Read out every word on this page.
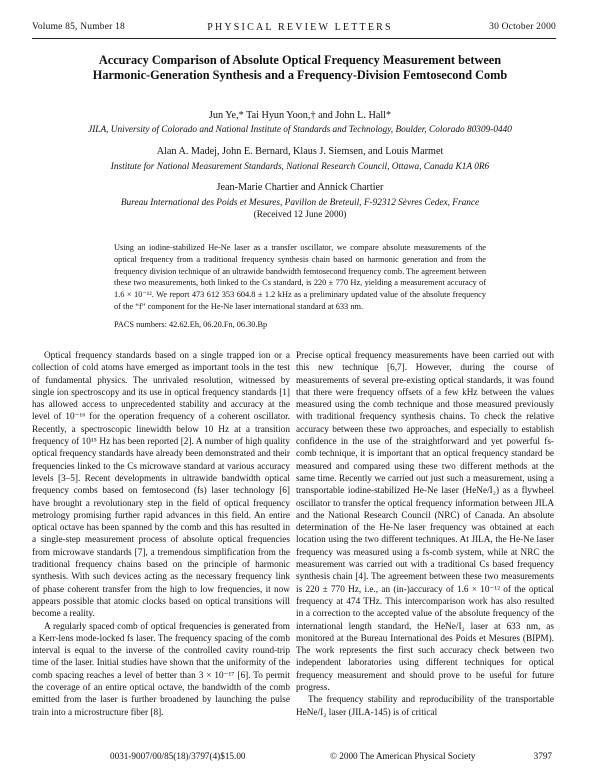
Volume 85, Number 18	PHYSICAL REVIEW LETTERS	30 October 2000
Accuracy Comparison of Absolute Optical Frequency Measurement between Harmonic-Generation Synthesis and a Frequency-Division Femtosecond Comb
Jun Ye,* Tai Hyun Yoon,† and John L. Hall*
JILA, University of Colorado and National Institute of Standards and Technology, Boulder, Colorado 80309-0440
Alan A. Madej, John E. Bernard, Klaus J. Siemsen, and Louis Marmet
Institute for National Measurement Standards, National Research Council, Ottawa, Canada K1A 0R6
Jean-Marie Chartier and Annick Chartier
Bureau International des Poids et Mesures, Pavillon de Breteuil, F-92312 Sèvres Cedex, France
(Received 12 June 2000)
Using an iodine-stabilized He-Ne laser as a transfer oscillator, we compare absolute measurements of the optical frequency from a traditional frequency synthesis chain based on harmonic generation and from the frequency division technique of an ultrawide bandwidth femtosecond frequency comb. The agreement between these two measurements, both linked to the Cs standard, is 220 ± 770 Hz, yielding a measurement accuracy of 1.6 × 10⁻¹². We report 473 612 353 604.8 ± 1.2 kHz as a preliminary updated value of the absolute frequency of the “f” component for the He-Ne laser international standard at 633 nm.
PACS numbers: 42.62.Eh, 06.20.Fn, 06.30.Bp

Optical frequency standards based on a single trapped ion or a collection of cold atoms have emerged as important tools in the test of fundamental physics. The unrivaled resolution, witnessed by single ion spectroscopy and its use in optical frequency standards [1] has allowed access to unprecedented stability and accuracy at the level of 10⁻¹⁶ for the operation frequency of a coherent oscillator. Recently, a spectroscopic linewidth below 10 Hz at a transition frequency of 10¹⁵ Hz has been reported [2]. A number of high quality optical frequency standards have already been demonstrated and their frequencies linked to the Cs microwave standard at various accuracy levels [3–5]. Recent developments in ultrawide bandwidth optical frequency combs based on femtosecond (fs) laser technology [6] have brought a revolutionary step in the field of optical frequency metrology promising further rapid advances in this field. An entire optical octave has been spanned by the comb and this has resulted in a single-step measurement process of absolute optical frequencies from microwave standards [7], a tremendous simplification from the traditional frequency chains based on the principle of harmonic synthesis. With such devices acting as the necessary frequency link of phase coherent transfer from the high to low frequencies, it now appears possible that atomic clocks based on optical transitions will become a reality.

A regularly spaced comb of optical frequencies is generated from a Kerr-lens mode-locked fs laser. The frequency spacing of the comb interval is equal to the inverse of the controlled cavity round-trip time of the laser. Initial studies have shown that the uniformity of the comb spacing reaches a level of better than 3 × 10⁻¹⁷ [6]. To permit the coverage of an entire optical octave, the bandwidth of the comb emitted from the laser is further broadened by launching the pulse train into a microstructure fiber [8].

Precise optical frequency measurements have been carried out with this new technique [6,7]. However, during the course of measurements of several pre-existing optical standards, it was found that there were frequency offsets of a few kHz between the values measured using the comb technique and those measured previously with traditional frequency synthesis chains. To check the relative accuracy between these two approaches, and especially to establish confidence in the use of the straightforward and yet powerful fs-comb technique, it is important that an optical frequency standard be measured and compared using these two different methods at the same time. Recently we carried out just such a measurement, using a transportable iodine-stabilized He-Ne laser (HeNe/I₂) as a flywheel oscillator to transfer the optical frequency information between JILA and the National Research Council (NRC) of Canada. An absolute determination of the He-Ne laser frequency was obtained at each location using the two different techniques. At JILA, the He-Ne laser frequency was measured using a fs-comb system, while at NRC the measurement was carried out with a traditional Cs based frequency synthesis chain [4]. The agreement between these two measurements is 220 ± 770 Hz, i.e., an (in-)accuracy of 1.6 × 10⁻¹² of the optical frequency at 474 THz. This intercomparison work has also resulted in a correction to the accepted value of the absolute frequency of the international length standard, the HeNe/I₂ laser at 633 nm, as monitored at the Bureau International des Poids et Mesures (BIPM). The work represents the first such accuracy check between two independent laboratories using different techniques for optical frequency measurement and should prove to be useful for future progress.

The frequency stability and reproducibility of the transportable HeNe/I₂ laser (JILA-145) is of critical

0031-9007/00/85(18)/3797(4)$15.00	© 2000 The American Physical Society	3797
